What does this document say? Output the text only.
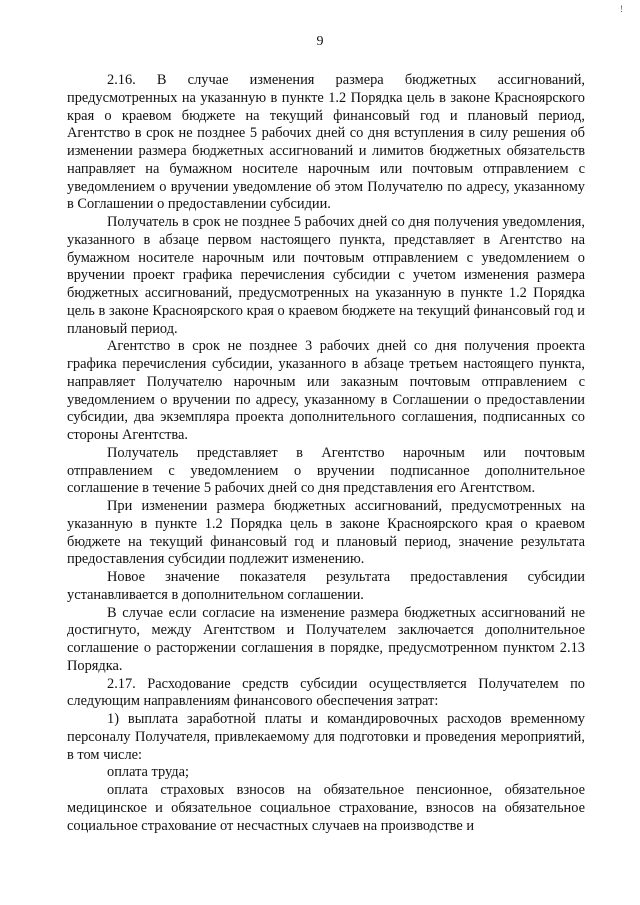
!
9

2.16. В случае изменения размера бюджетных ассигнований, предусмотренных на указанную в пункте 1.2 Порядка цель в законе Красноярского края о краевом бюджете на текущий финансовый год и плановый период, Агентство в срок не позднее 5 рабочих дней со дня вступления в силу решения об изменении размера бюджетных ассигнований и лимитов бюджетных обязательств направляет на бумажном носителе нарочным или почтовым отправлением с уведомлением о вручении уведомление об этом Получателю по адресу, указанному в Соглашении о предоставлении субсидии.

Получатель в срок не позднее 5 рабочих дней со дня получения уведомления, указанного в абзаце первом настоящего пункта, представляет в Агентство на бумажном носителе нарочным или почтовым отправлением с уведомлением о вручении проект графика перечисления субсидии с учетом изменения размера бюджетных ассигнований, предусмотренных на указанную в пункте 1.2 Порядка цель в законе Красноярского края о краевом бюджете на текущий финансовый год и плановый период.

Агентство в срок не позднее 3 рабочих дней со дня получения проекта графика перечисления субсидии, указанного в абзаце третьем настоящего пункта, направляет Получателю нарочным или заказным почтовым отправлением с уведомлением о вручении по адресу, указанному в Соглашении о предоставлении субсидии, два экземпляра проекта дополнительного соглашения, подписанных со стороны Агентства.

Получатель представляет в Агентство нарочным или почтовым отправлением с уведомлением о вручении подписанное дополнительное соглашение в течение 5 рабочих дней со дня представления его Агентством.

При изменении размера бюджетных ассигнований, предусмотренных на указанную в пункте 1.2 Порядка цель в законе Красноярского края о краевом бюджете на текущий финансовый год и плановый период, значение результата предоставления субсидии подлежит изменению.

Новое значение показателя результата предоставления субсидии устанавливается в дополнительном соглашении.

В случае если согласие на изменение размера бюджетных ассигнований не достигнуто, между Агентством и Получателем заключается дополнительное соглашение о расторжении соглашения в порядке, предусмотренном пунктом 2.13 Порядка.

2.17. Расходование средств субсидии осуществляется Получателем по следующим направлениям финансового обеспечения затрат:

1) выплата заработной платы и командировочных расходов временному персоналу Получателя, привлекаемому для подготовки и проведения мероприятий, в том числе:

оплата труда;

оплата страховых взносов на обязательное пенсионное, обязательное медицинское и обязательное социальное страхование, взносов на обязательное социальное страхование от несчастных случаев на производстве и
